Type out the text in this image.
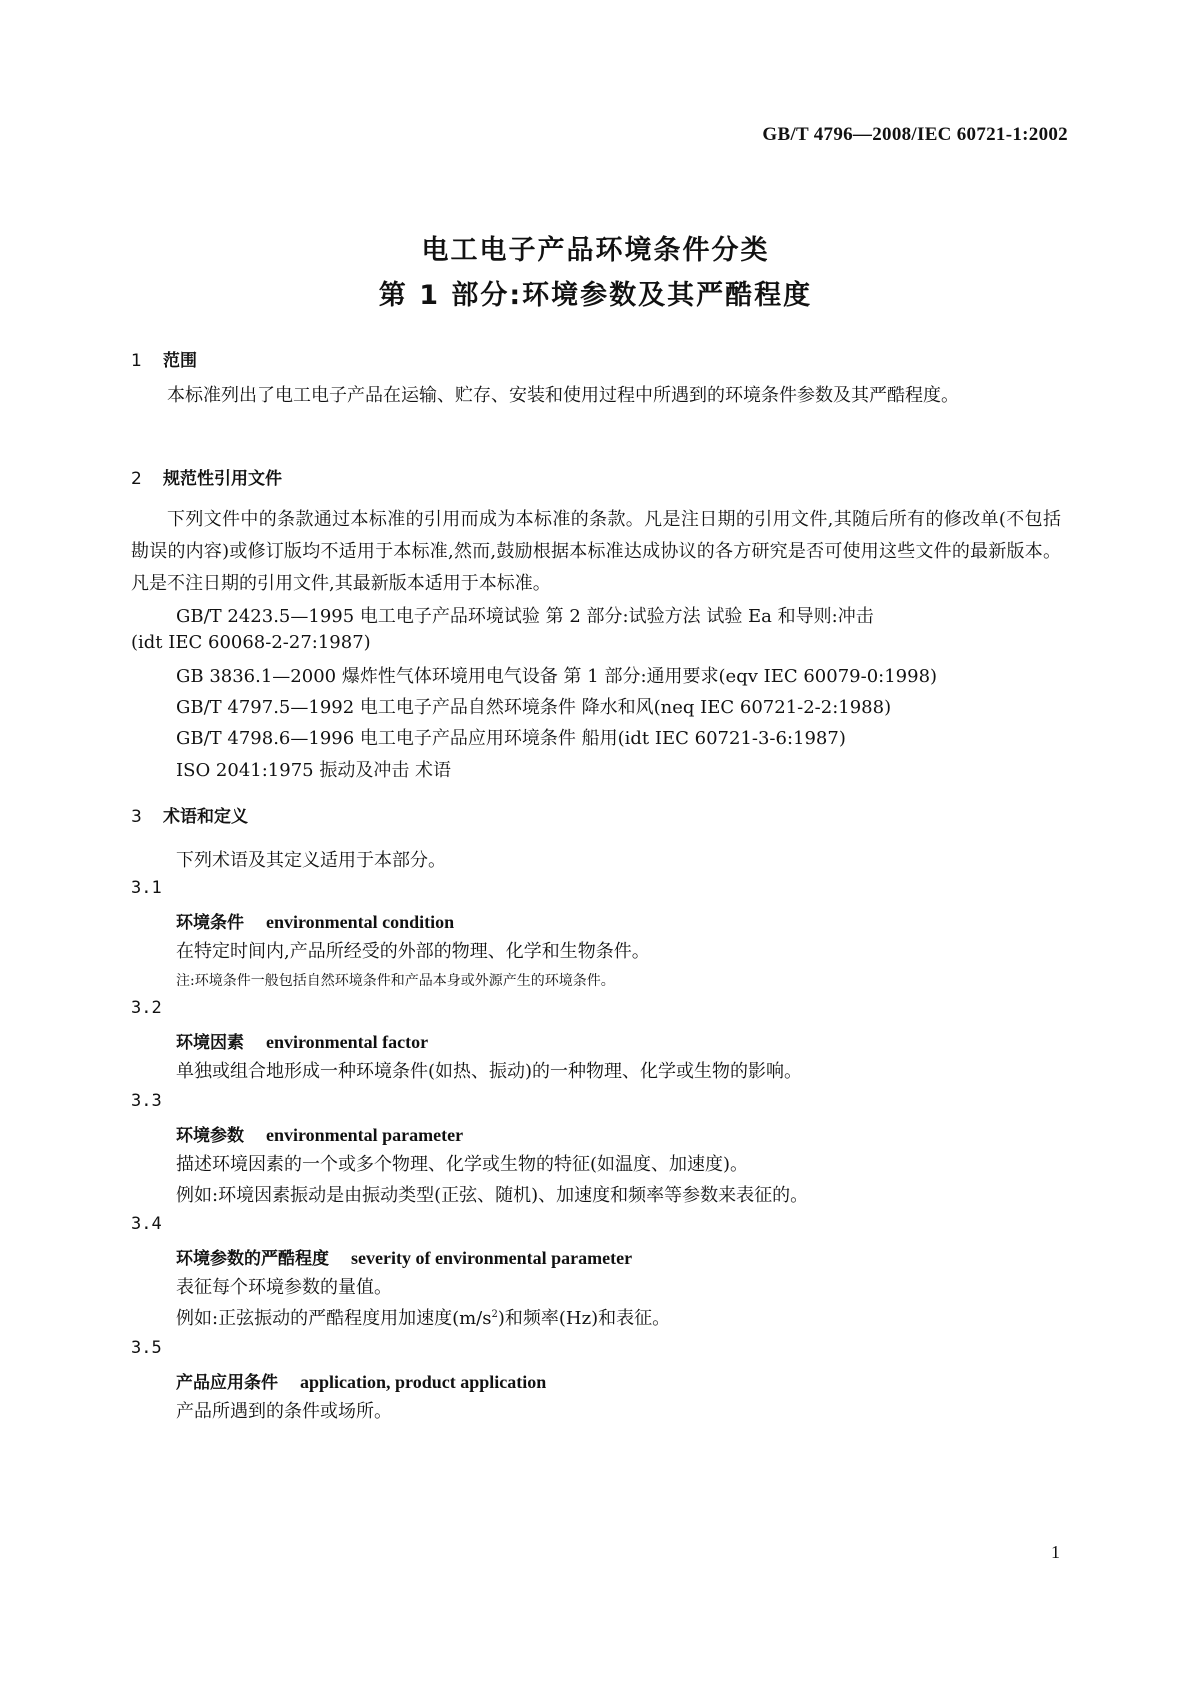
GB/T 4796—2008/IEC 60721-1:2002
电工电子产品环境条件分类
第 1 部分:环境参数及其严酷程度
1 范围
本标准列出了电工电子产品在运输、贮存、安装和使用过程中所遇到的环境条件参数及其严酷程度。
2 规范性引用文件
下列文件中的条款通过本标准的引用而成为本标准的条款。凡是注日期的引用文件,其随后所有的修改单(不包括勘误的内容)或修订版均不适用于本标准,然而,鼓励根据本标准达成协议的各方研究是否可使用这些文件的最新版本。凡是不注日期的引用文件,其最新版本适用于本标准。
GB/T 2423.5—1995 电工电子产品环境试验 第 2 部分:试验方法 试验 Ea 和导则:冲击
(idt IEC 60068-2-27:1987)
GB 3836.1—2000 爆炸性气体环境用电气设备 第 1 部分:通用要求(eqv IEC 60079-0:1998)
GB/T 4797.5—1992 电工电子产品自然环境条件 降水和风(neq IEC 60721-2-2:1988)
GB/T 4798.6—1996 电工电子产品应用环境条件 船用(idt IEC 60721-3-6:1987)
ISO 2041:1975 振动及冲击 术语
3 术语和定义
下列术语及其定义适用于本部分。
3.1
环境条件 environmental condition
在特定时间内,产品所经受的外部的物理、化学和生物条件。
注:环境条件一般包括自然环境条件和产品本身或外源产生的环境条件。
3.2
环境因素 environmental factor
单独或组合地形成一种环境条件(如热、振动)的一种物理、化学或生物的影响。
3.3
环境参数 environmental parameter
描述环境因素的一个或多个物理、化学或生物的特征(如温度、加速度)。
例如:环境因素振动是由振动类型(正弦、随机)、加速度和频率等参数来表征的。
3.4
环境参数的严酷程度 severity of environmental parameter
表征每个环境参数的量值。
例如:正弦振动的严酷程度用加速度$(m/s^2)$和频率(Hz)和表征。
3.5
产品应用条件 application, product application
产品所遇到的条件或场所。
1
